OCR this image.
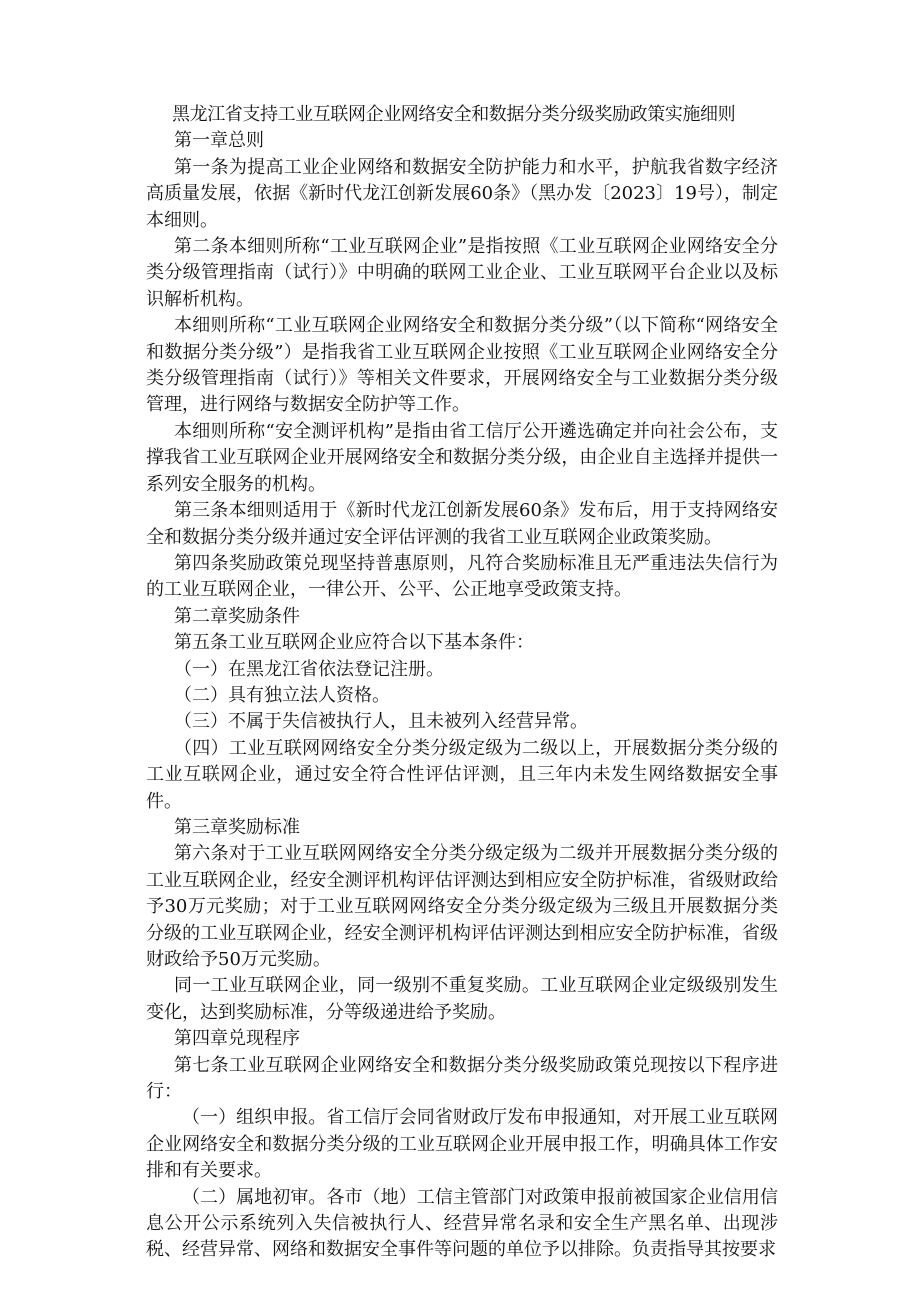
黑龙江省支持工业互联网企业网络安全和数据分类分级奖励政策实施细则

第一章总则

第一条为提高工业企业网络和数据安全防护能力和水平，护航我省数字经济高质量发展，依据《新时代龙江创新发展60条》（黑办发〔2023〕19号），制定本细则。

第二条本细则所称“工业互联网企业”是指按照《工业互联网企业网络安全分类分级管理指南（试行）》中明确的联网工业企业、工业互联网平台企业以及标识解析机构。

本细则所称“工业互联网企业网络安全和数据分类分级”（以下简称“网络安全和数据分类分级”）是指我省工业互联网企业按照《工业互联网企业网络安全分类分级管理指南（试行）》等相关文件要求，开展网络安全与工业数据分类分级管理，进行网络与数据安全防护等工作。

本细则所称“安全测评机构”是指由省工信厅公开遴选确定并向社会公布，支撑我省工业互联网企业开展网络安全和数据分类分级，由企业自主选择并提供一系列安全服务的机构。

第三条本细则适用于《新时代龙江创新发展60条》发布后，用于支持网络安全和数据分类分级并通过安全评估评测的我省工业互联网企业政策奖励。

第四条奖励政策兑现坚持普惠原则，凡符合奖励标准且无严重违法失信行为的工业互联网企业，一律公开、公平、公正地享受政策支持。

第二章奖励条件

第五条工业互联网企业应符合以下基本条件：

（一）在黑龙江省依法登记注册。

（二）具有独立法人资格。

（三）不属于失信被执行人，且未被列入经营异常。

（四）工业互联网网络安全分类分级定级为二级以上，开展数据分类分级的工业互联网企业，通过安全符合性评估评测，且三年内未发生网络数据安全事件。

第三章奖励标准

第六条对于工业互联网网络安全分类分级定级为二级并开展数据分类分级的工业互联网企业，经安全测评机构评估评测达到相应安全防护标准，省级财政给予30万元奖励；对于工业互联网网络安全分类分级定级为三级且开展数据分类分级的工业互联网企业，经安全测评机构评估评测达到相应安全防护标准，省级财政给予50万元奖励。

同一工业互联网企业，同一级别不重复奖励。工业互联网企业定级级别发生变化，达到奖励标准，分等级递进给予奖励。

第四章兑现程序

第七条工业互联网企业网络安全和数据分类分级奖励政策兑现按以下程序进行：

（一）组织申报。省工信厅会同省财政厅发布申报通知，对开展工业互联网企业网络安全和数据分类分级的工业互联网企业开展申报工作，明确具体工作安排和有关要求。

（二）属地初审。各市（地）工信主管部门对政策申报前被国家企业信用信息公开公示系统列入失信被执行人、经营异常名录和安全生产黑名单、出现涉税、经营异常、网络和数据安全事件等问题的单位予以排除。负责指导其按要求
